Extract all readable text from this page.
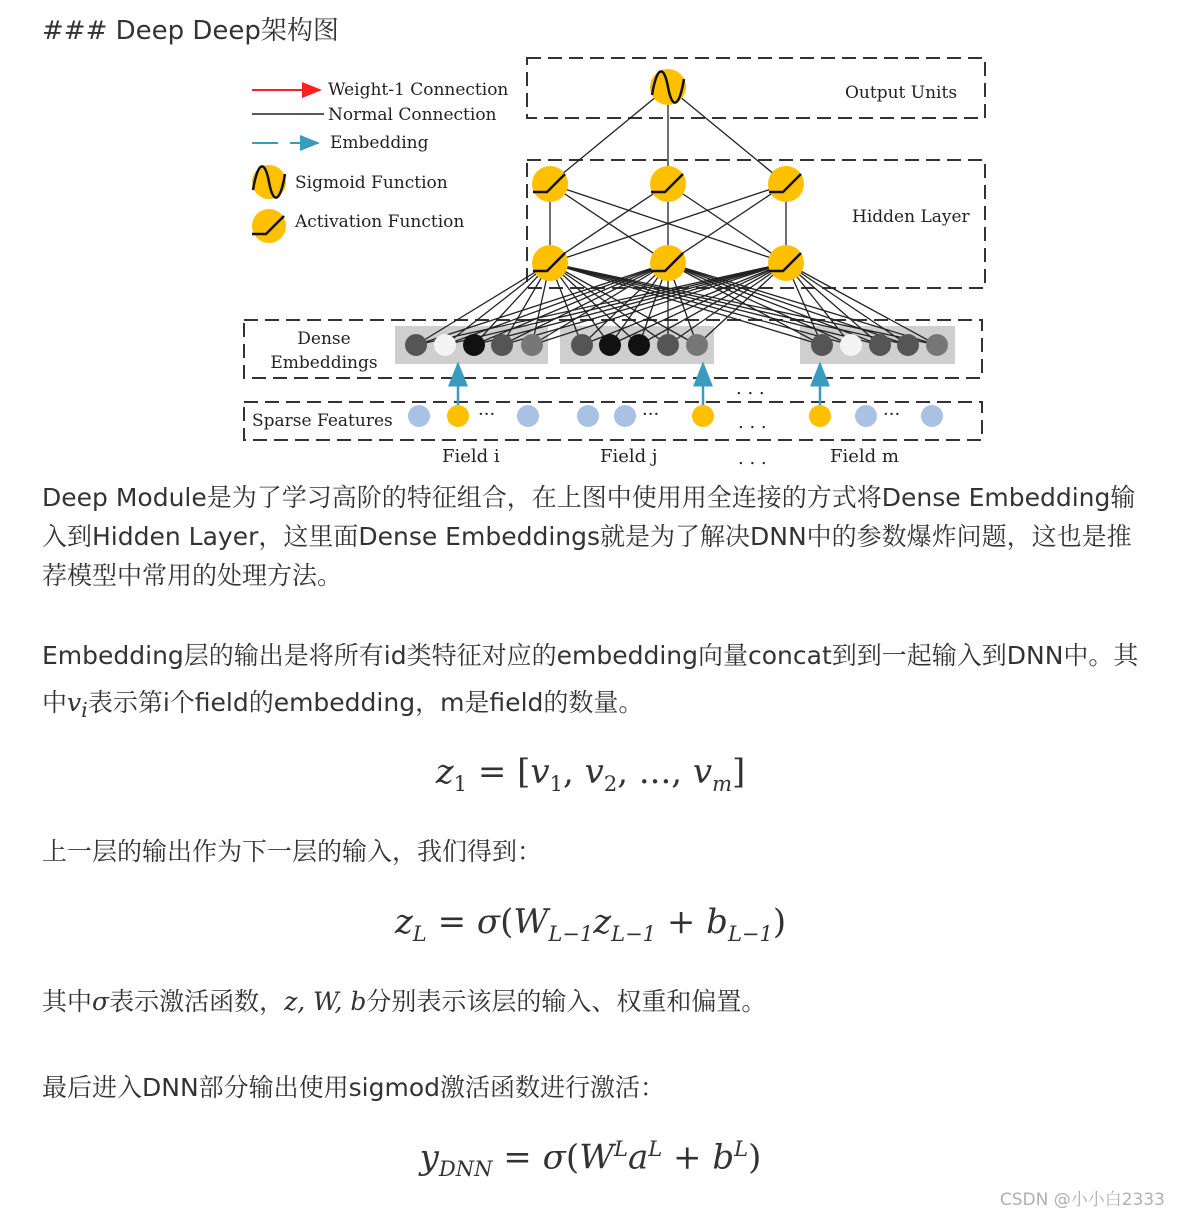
### Deep Deep架构图
Weight-1 Connection
Normal Connection
Embedding
Sigmoid Function
Activation Function
Output Units
Hidden Layer
Dense
Embeddings
Sparse Features	···	···	···
. . .
. . .
Field i	Field j	. . .	Field m

Deep Module是为了学习高阶的特征组合，在上图中使用用全连接的方式将Dense Embedding输入到Hidden Layer，这里面Dense Embeddings就是为了解决DNN中的参数爆炸问题，这也是推荐模型中常用的处理方法。

Embedding层的输出是将所有id类特征对应的embedding向量concat到到一起输入到DNN中。其中$v_i$表示第i个field的embedding，m是field的数量。

$z_1 = [v_1$, $v_2$, ..., $v_m$]

上一层的输出作为下一层的输入，我们得到：

$z_L = \sigma(W_{L-1}z_{L-1} + b_{L-1})$

其中σ表示激活函数，z, W, b分别表示该层的输入、权重和偏置。

最后进入DNN部分输出使用sigmod激活函数进行激活：

$y_{DNN} = \sigma(W^La^L + b^L)$

CSDN @小小白2333
